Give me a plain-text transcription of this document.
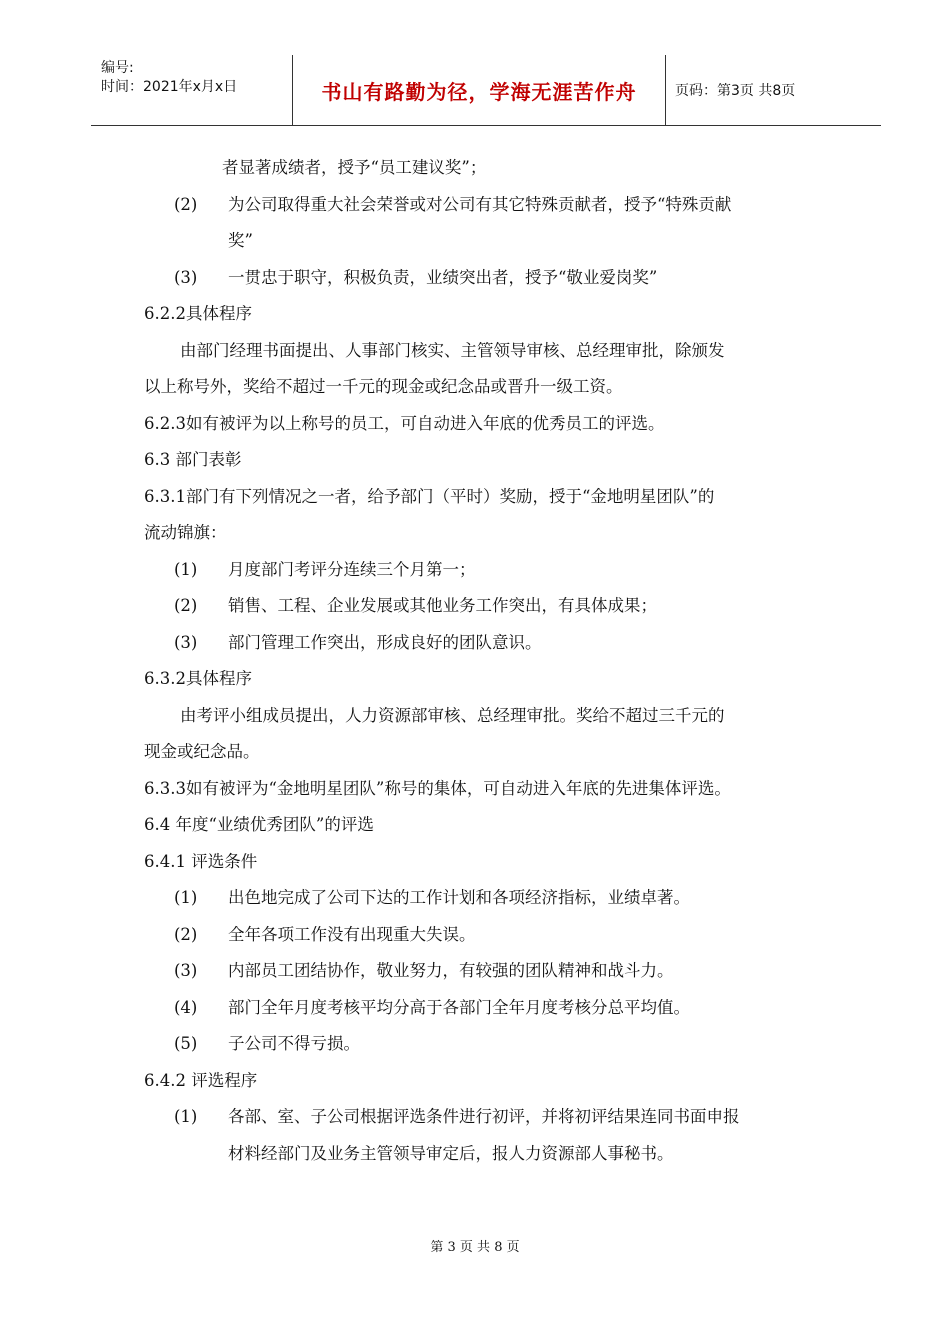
编号:
时间：2021年x月x日	书山有路勤为径，学海无涯苦作舟	页码：第3页 共8页
者显著成绩者，授予“员工建议奖”；
(2) 为公司取得重大社会荣誉或对公司有其它特殊贡献者，授予“特殊贡献
奖”
(3) 一贯忠于职守，积极负责，业绩突出者，授予“敬业爱岗奖”
6.2.2具体程序
由部门经理书面提出、人事部门核实、主管领导审核、总经理审批，除颁发
以上称号外，奖给不超过一千元的现金或纪念品或晋升一级工资。
6.2.3如有被评为以上称号的员工，可自动进入年底的优秀员工的评选。
6.3 部门表彰
6.3.1部门有下列情况之一者，给予部门（平时）奖励，授于“金地明星团队”的
流动锦旗：
(1) 月度部门考评分连续三个月第一；
(2) 销售、工程、企业发展或其他业务工作突出，有具体成果；
(3) 部门管理工作突出，形成良好的团队意识。
6.3.2具体程序
由考评小组成员提出，人力资源部审核、总经理审批。奖给不超过三千元的
现金或纪念品。
6.3.3如有被评为“金地明星团队”称号的集体，可自动进入年底的先进集体评选。
6.4 年度“业绩优秀团队”的评选
6.4.1 评选条件
(1) 出色地完成了公司下达的工作计划和各项经济指标，业绩卓著。
(2) 全年各项工作没有出现重大失误。
(3) 内部员工团结协作，敬业努力，有较强的团队精神和战斗力。
(4) 部门全年月度考核平均分高于各部门全年月度考核分总平均值。
(5) 子公司不得亏损。
6.4.2 评选程序
(1) 各部、室、子公司根据评选条件进行初评，并将初评结果连同书面申报
材料经部门及业务主管领导审定后，报人力资源部人事秘书。
第 3 页 共 8 页
